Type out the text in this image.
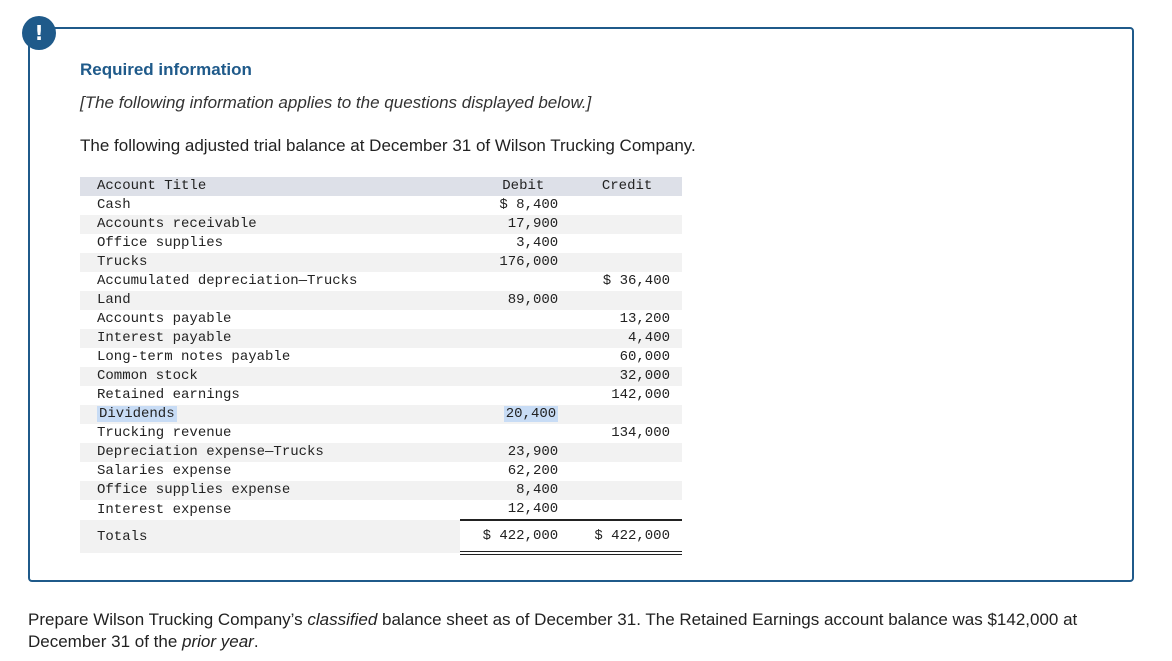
!
Required information
[The following information applies to the questions displayed below.]
The following adjusted trial balance at December 31 of Wilson Trucking Company.
Account Title	Debit	Credit
Cash	$ 8,400	
Accounts receivable	17,900	
Office supplies	3,400	
Trucks	176,000	
Accumulated depreciation—Trucks		$ 36,400
Land	89,000	
Accounts payable		13,200
Interest payable		4,400
Long-term notes payable		60,000
Common stock		32,000
Retained earnings		142,000
Dividends	20,400	
Trucking revenue		134,000
Depreciation expense—Trucks	23,900	
Salaries expense	62,200	
Office supplies expense	8,400	
Interest expense	12,400	
Totals	$ 422,000	$ 422,000
Prepare Wilson Trucking Company’s classified balance sheet as of December 31. The Retained Earnings account balance was $142,000 at December 31 of the prior year.
